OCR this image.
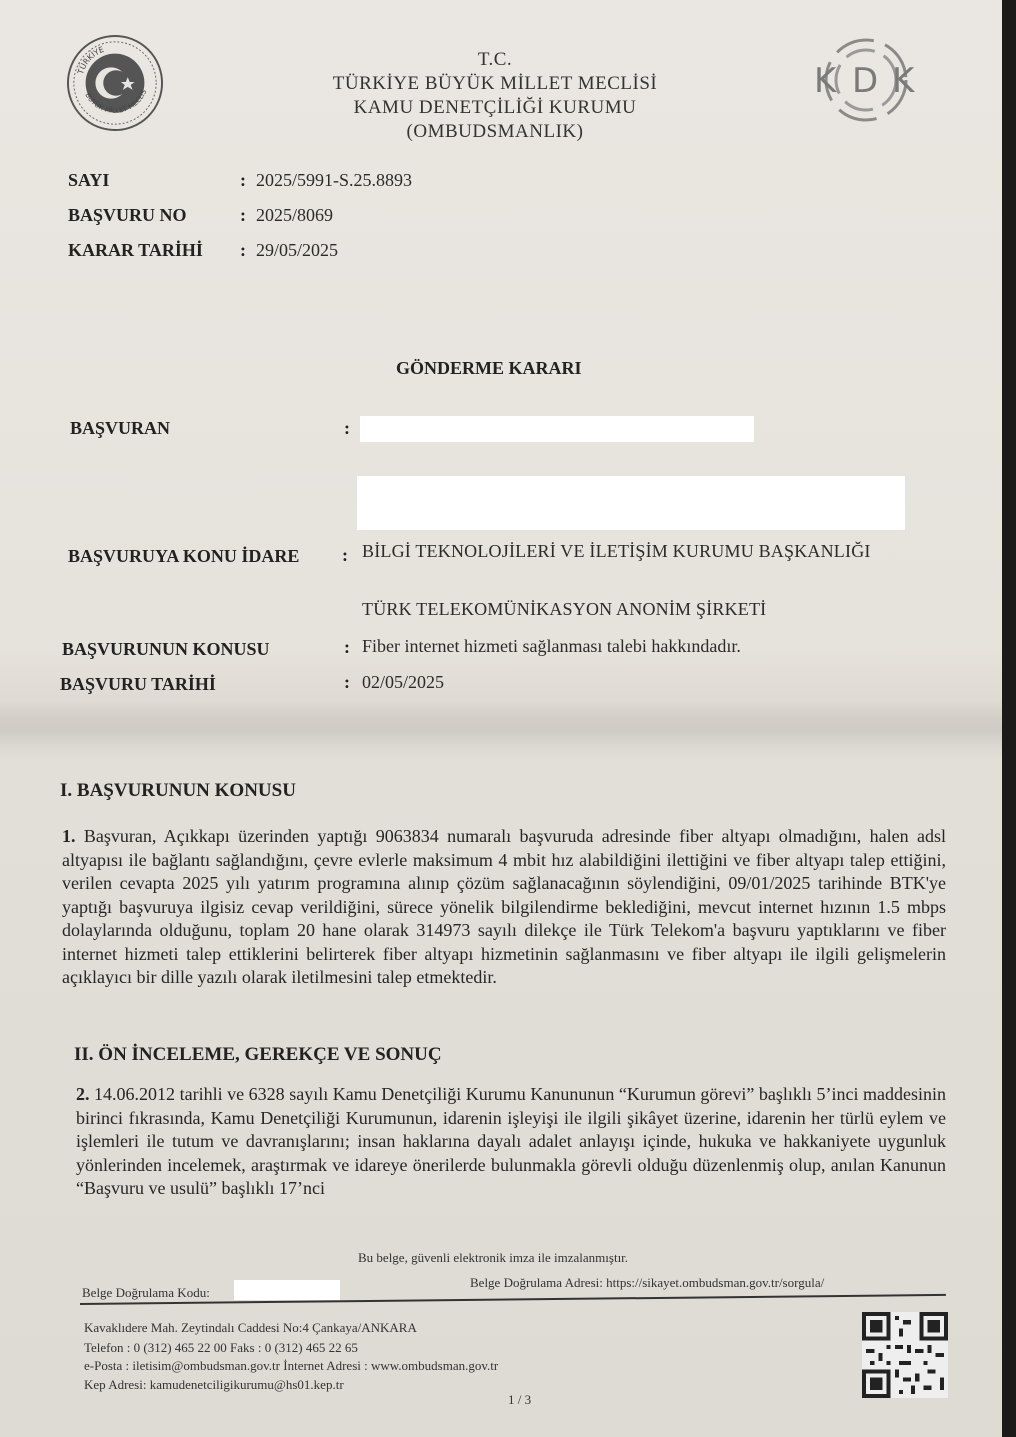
TÜRKİYE
BÜYÜK MİLLET MECLİS	K D K
T.C.
TÜRKİYE BÜYÜK MİLLET MECLİSİ
KAMU DENETÇİLİĞİ KURUMU
(OMBUDSMANLIK)
SAYI	: 2025/5991-S.25.8893
BAŞVURU NO	: 2025/8069
KARAR TARİHİ : 29/05/2025
GÖNDERME KARARI
BAŞVURAN	:
BAŞVURUYA KONU İDARE : BİLGİ TEKNOLOJİLERİ VE İLETİŞİM KURUMU BAŞKANLIĞI
TÜRK TELEKOMÜNİKASYON ANONİM ŞİRKETİ
BAŞVURUNUN KONUSU	: Fiber internet hizmeti sağlanması talebi hakkındadır.
BAŞVURU TARİHİ	: 02/05/2025
I. BAŞVURUNUN KONUSU
1. Başvuran, Açıkkapı üzerinden yaptığı 9063834 numaralı başvuruda adresinde fiber altyapı olmadığını, halen adsl altyapısı ile bağlantı sağlandığını, çevre evlerle maksimum 4 mbit hız alabildiğini ilettiğini ve fiber altyapı talep ettiğini, verilen cevapta 2025 yılı yatırım programına alınıp çözüm sağlanacağının söylendiğini, 09/01/2025 tarihinde BTK'ye yaptığı başvuruya ilgisiz cevap verildiğini, sürece yönelik bilgilendirme beklediğini, mevcut internet hızının 1.5 mbps dolaylarında olduğunu, toplam 20 hane olarak 314973 sayılı dilekçe ile Türk Telekom'a başvuru yaptıklarını ve fiber internet hizmeti talep ettiklerini belirterek fiber altyapı hizmetinin sağlanmasını ve fiber altyapı ile ilgili gelişmelerin açıklayıcı bir dille yazılı olarak iletilmesini talep etmektedir.
II. ÖN İNCELEME, GEREKÇE VE SONUÇ
2. 14.06.2012 tarihli ve 6328 sayılı Kamu Denetçiliği Kurumu Kanununun “Kurumun görevi” başlıklı 5’inci maddesinin birinci fıkrasında, Kamu Denetçiliği Kurumunun, idarenin işleyişi ile ilgili şikâyet üzerine, idarenin her türlü eylem ve işlemleri ile tutum ve davranışlarını; insan haklarına dayalı adalet anlayışı içinde, hukuka ve hakkaniyete uygunluk yönlerinden incelemek, araştırmak ve idareye önerilerde bulunmakla görevli olduğu düzenlenmiş olup, anılan Kanunun “Başvuru ve usulü” başlıklı 17’nci
Bu belge, güvenli elektronik imza ile imzalanmıştır.
Belge Doğrulama Kodu:
Belge Doğrulama Adresi: https://sikayet.ombudsman.gov.tr/sorgula/
Kavaklıdere Mah. Zeytindalı Caddesi No:4 Çankaya/ANKARA
Telefon : 0 (312) 465 22 00 Faks : 0 (312) 465 22 65
e-Posta : iletisim@ombudsman.gov.tr İnternet Adresi : www.ombudsman.gov.tr
Kep Adresi: kamudenetciligikurumu@hs01.kep.tr
1 / 3
